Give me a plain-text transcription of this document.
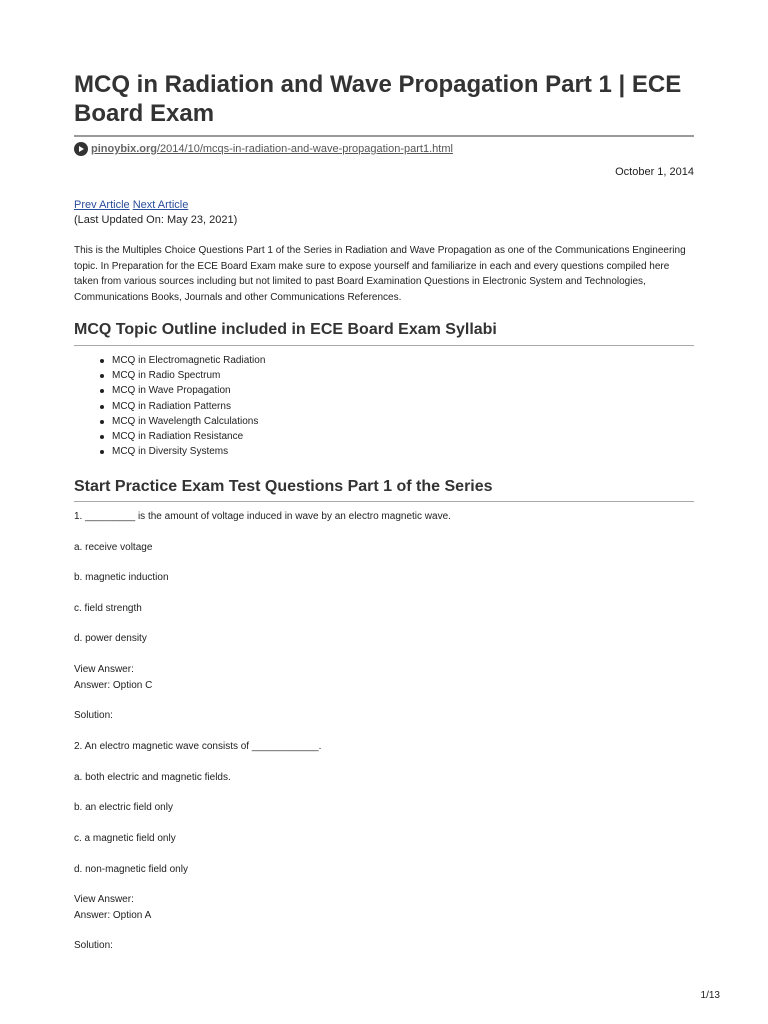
MCQ in Radiation and Wave Propagation Part 1 | ECE Board Exam
pinoybix.org/2014/10/mcqs-in-radiation-and-wave-propagation-part1.html
October 1, 2014
Prev Article Next Article
(Last Updated On: May 23, 2021)

This is the Multiples Choice Questions Part 1 of the Series in Radiation and Wave Propagation as one of the Communications Engineering topic. In Preparation for the ECE Board Exam make sure to expose yourself and familiarize in each and every questions compiled here taken from various sources including but not limited to past Board Examination Questions in Electronic System and Technologies, Communications Books, Journals and other Communications References.

MCQ Topic Outline included in ECE Board Exam Syllabi
MCQ in Electromagnetic Radiation
MCQ in Radio Spectrum
MCQ in Wave Propagation
MCQ in Radiation Patterns
MCQ in Wavelength Calculations
MCQ in Radiation Resistance
MCQ in Diversity Systems
Start Practice Exam Test Questions Part 1 of the Series
1. _________ is the amount of voltage induced in wave by an electro magnetic wave.
a. receive voltage
b. magnetic induction
c. field strength
d. power density
View Answer:
Answer: Option C
Solution:
2. An electro magnetic wave consists of ____________.
a. both electric and magnetic fields.
b. an electric field only
c. a magnetic field only
d. non-magnetic field only
View Answer:
Answer: Option A
Solution:
1/13
